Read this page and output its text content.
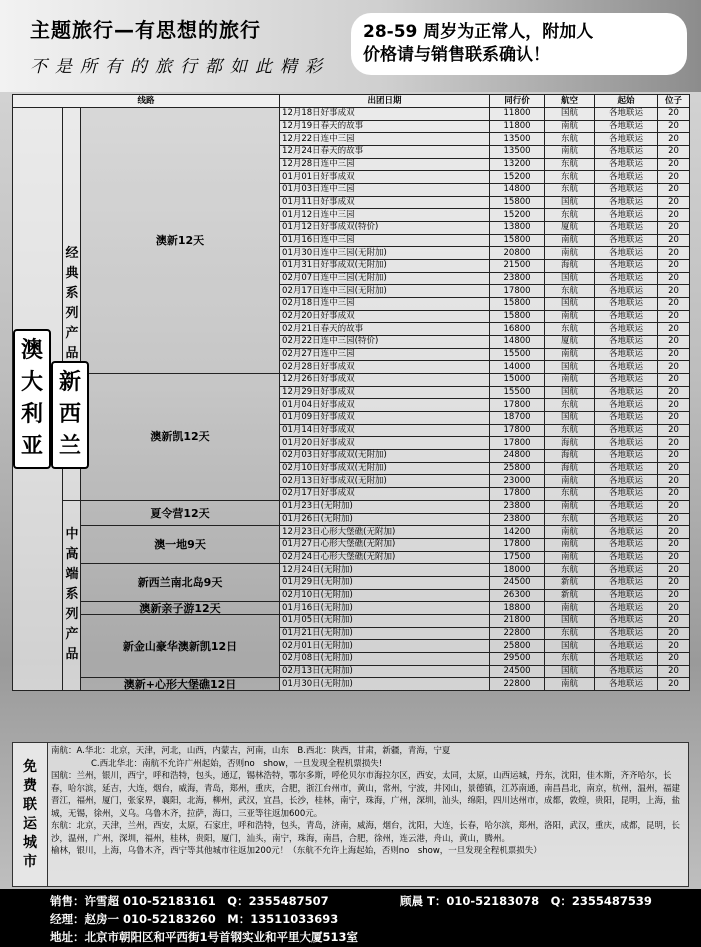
主题旅行—有思想的旅行
不是所有的旅行都如此精彩
28-59 周岁为正常人，附加人
价格请与销售联系确认！
线路			出团日期	同行价	航空	起始	位子
澳大利亚新西兰	经典系列产品	澳新12天	12月18日好事成双	11800	国航	各地联运	20
			12月19日春天的故事	11800	南航	各地联运	20
			12月22日连中三园	13500	东航	各地联运	20
			12月24日春天的故事	13500	南航	各地联运	20
			12月28日连中三园	13200	东航	各地联运	20
			01月01日好事成双	15200	东航	各地联运	20
			01月03日连中三园	14800	东航	各地联运	20
			01月11日好事成双	15800	国航	各地联运	20
			01月12日连中三园	15200	东航	各地联运	20
			01月12日好事成双(特价)	13800	厦航	各地联运	20
			01月16日连中三园	15800	南航	各地联运	20
			01月30日连中三园(无附加)	20800	南航	各地联运	20
			01月31日好事成双(无附加)	21500	海航	各地联运	20
			02月07日连中三园(无附加)	23800	国航	各地联运	20
			02月17日连中三园(无附加)	17800	东航	各地联运	20
			02月18日连中三园	15800	国航	各地联运	20
			02月20日好事成双	15800	南航	各地联运	20
			02月21日春天的故事	16800	东航	各地联运	20
			02月22日连中三园(特价)	14800	厦航	各地联运	20
			02月27日连中三园	15500	南航	各地联运	20
			02月28日好事成双	14000	国航	各地联运	20
		澳新凯12天	12月26日好事成双	15000	南航	各地联运	20
			12月29日好事成双	15500	国航	各地联运	20
			01月04日好事成双	17800	东航	各地联运	20
			01月09日好事成双	18700	国航	各地联运	20
			01月14日好事成双	17800	东航	各地联运	20
			01月20日好事成双	17800	海航	各地联运	20
			02月03日好事成双(无附加)	24800	海航	各地联运	20
			02月10日好事成双(无附加)	25800	海航	各地联运	20
			02月13日好事成双(无附加)	23000	南航	各地联运	20
			02月17日好事成双	17800	东航	各地联运	20
	中高端系列产品	夏令营12天	01月23日(无附加)	23800	南航	各地联运	20
			01月26日(无附加)	23800	东航	各地联运	20
		澳一地9天	12月23日心形大堡礁(无附加)	14200	南航	各地联运	20
			01月27日心形大堡礁(无附加)	17800	南航	各地联运	20
			02月24日心形大堡礁(无附加)	17500	南航	各地联运	20
		新西兰南北岛9天	12月24日(无附加)	18000	东航	各地联运	20
			01月29日(无附加)	24500	新航	各地联运	20
			02月10日(无附加)	26300	新航	各地联运	20
		澳新亲子游12天	01月16日(无附加)	18800	南航	各地联运	20
		新金山豪华澳新凯12日	01月05日(无附加)	21800	国航	各地联运	20
			01月21日(无附加)	22800	东航	各地联运	20
			02月01日(无附加)	25800	国航	各地联运	20
			02月08日(无附加)	29500	东航	各地联运	20
			02月13日(无附加)	24500	国航	各地联运	20
		澳新+心形大堡礁12日	01月30日(无附加)	22800	南航	各地联运	20
免费联运城市

南航：A.华北：北京，天津，河北，山西，内蒙古，河南，山东　B.西北：陕西，甘肃，新疆，青海，宁夏

C.西北华北：南航不允许广州起始，否则no　show，一旦发现全程机票损失!

国航：兰州，银川，西宁，呼和浩特，包头，通辽，锡林浩特，鄂尔多斯，呼伦贝尔市海拉尔区，西安，太同，太原，山西运城，丹东，沈阳，佳木斯，齐齐哈尔，长春，哈尔滨，延吉，大连，烟台，威海，青岛，郑州，重庆，合肥，浙江台州市，黄山，常州，宁波，井冈山，景德镇，江苏南通，南昌昌北，南京，杭州，温州，福建晋江，福州，厦门，张家界，襄阳，北海，柳州，武汉，宜昌，长沙，桂林，南宁，珠海，广州，深圳，汕头，绵阳，四川达州市，成都，敦煌，贵阳，昆明，上海，盐城，无锡，徐州，义乌。乌鲁木齐，拉萨，海口，三亚等往返加600元。

东航：北京，天津，兰州，西安，太原，石家庄，呼和浩特，包头，青岛，济南，威海，烟台，沈阳，大连，长春，哈尔滨，郑州，洛阳，武汉，重庆，成都，昆明，长沙，温州，广州，深圳，福州，桂林，贵阳，厦门，汕头，南宁，珠海，南昌，合肥，徐州，连云港，舟山，黄山，腾州。

榆林，银川，上海，乌鲁木齐，西宁等其他城市往返加200元！（东航不允许上海起始，否则no　show，一旦发现全程机票损失）

销售：许雪超 010-52183161　Q：2355487507	顾晨 T：010-52183078　Q：2355487539
经理：赵房一 010-52183260　M：13511033693
地址：北京市朝阳区和平西街1号首钢实业和平里大厦513室
